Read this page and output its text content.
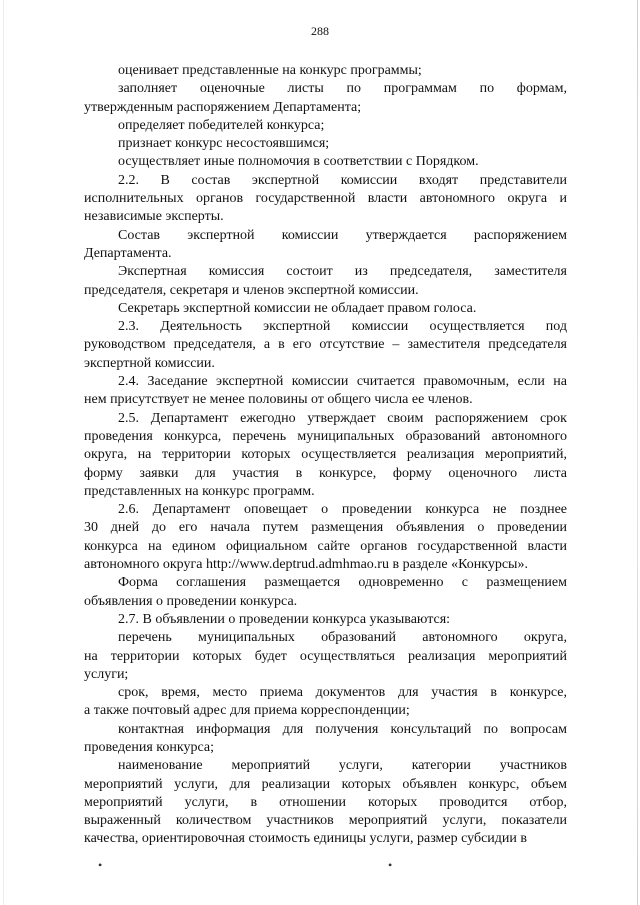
288
оценивает представленные на конкурс программы;
заполняет оценочные листы по программам по формам,
утвержденным распоряжением Департамента;
определяет победителей конкурса;
признает конкурс несостоявшимся;
осуществляет иные полномочия в соответствии с Порядком.
2.2. В состав экспертной комиссии входят представители
исполнительных органов государственной власти автономного округа и
независимые эксперты.
Состав экспертной комиссии утверждается распоряжением
Департамента.
Экспертная комиссия состоит из председателя, заместителя
председателя, секретаря и членов экспертной комиссии.
Секретарь экспертной комиссии не обладает правом голоса.
2.3. Деятельность экспертной комиссии осуществляется под
руководством председателя, а в его отсутствие – заместителя председателя
экспертной комиссии.
2.4. Заседание экспертной комиссии считается правомочным, если на
нем присутствует не менее половины от общего числа ее членов.
2.5. Департамент ежегодно утверждает своим распоряжением срок
проведения конкурса, перечень муниципальных образований автономного
округа, на территории которых осуществляется реализация мероприятий,
форму заявки для участия в конкурсе, форму оценочного листа
представленных на конкурс программ.
2.6. Департамент оповещает о проведении конкурса не позднее
30 дней до его начала путем размещения объявления о проведении
конкурса на едином официальном сайте органов государственной власти
автономного округа http://www.deptrud.admhmao.ru в разделе «Конкурсы».
Форма соглашения размещается одновременно с размещением
объявления о проведении конкурса.
2.7. В объявлении о проведении конкурса указываются:
перечень муниципальных образований автономного округа,
на территории которых будет осуществляться реализация мероприятий
услуги;
срок, время, место приема документов для участия в конкурсе,
а также почтовый адрес для приема корреспонденции;
контактная информация для получения консультаций по вопросам
проведения конкурса;
наименование мероприятий услуги, категории участников
мероприятий услуги, для реализации которых объявлен конкурс, объем
мероприятий услуги, в отношении которых проводится отбор,
выраженный количеством участников мероприятий услуги, показатели
качества, ориентировочная стоимость единицы услуги, размер субсидии в
•	•
